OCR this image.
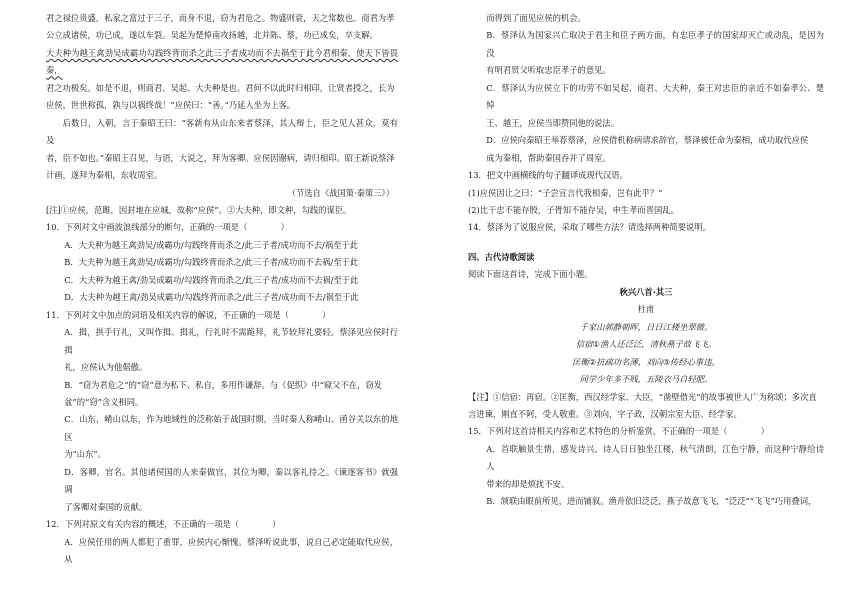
君之禄位贵盛，私家之富过于三子，而身不退，窃为君危之。物盛则衰，天之常数也。商君为孝

公立成诸侯，功已成，遂以车裂。吴起为楚悼南攻扬越，北并陈、蔡，功已成矣，卒支解。

大夫种为越王禽劲吴成霸功勾践终背而杀之此三子者成功而不去祸至于此今君相秦，使天下皆畏秦，

君之功极矣。如是不退，则商君、吴起、大夫种是也。君何不以此时归相印，让贤者授之，长为

应侯，世世称孤，孰与以祸终哉！”应侯曰：“善。”乃延入坐为上客。

后数日，入朝，言于秦昭王曰：“客新有从山东来者蔡泽，其人辩士，臣之见人甚众，莫有及

者，臣不如也。”秦昭王召见，与语，大说之，拜为客卿。应侯因谢病，请归相印。昭王新说蔡泽

计画，遂拜为秦相，东收周室。

（节选自《战国策·秦策三》）

[注]①应侯，范雎，因封地在应城，故称“应侯”。②大夫种，即文种，勾践的谋臣。

10．下列对文中画波浪线部分的断句，正确的一项是（　　　　）

A．大夫种为越王禽劲吴/成霸功/勾践终背而杀之/此三子者/成功而不去/祸至于此

B．大夫种为越王禽劲吴/成霸功/勾践终背而杀之/此三子者/成功而不去祸/至于此

C．大夫种为越王禽/劲吴成霸功/勾践终背而杀之/此三子者/成功而不去祸/至于此

D．大夫种为越王禽/劲吴成霸功/勾践终背而杀之/此三子者/成功而不去/祸至于此

11．下列对文中加点的词语及相关内容的解说，不正确的一项是（　　　　）

A．揖，拱手行礼，又叫作揖、揖礼，行礼时不需跪拜，礼节较拜礼要轻。蔡泽见应侯时行揖

礼，应侯认为他倨傲。

B．“窃为君危之”的“窃”意为私下、私自，多用作谦辞。与《促织》中“窥父不在，窃发

盆”的“窃”含义相同。

C．山东，崤山以东，作为地域性的泛称始于战国时期，当时秦人称崤山、函谷关以东的地区

为“山东”。

D．客卿，官名。其他诸侯国的人来秦做官，其位为卿，秦以客礼待之。《谏逐客书》就强调

了客卿对秦国的贡献。

12．下列对原文有关内容的概述，不正确的一项是（　　　　）

A．应侯任用的两人都犯了重罪，应侯内心惭愧。蔡泽听说此事，说自己必定能取代应侯，从

而得到了面见应侯的机会。

B．蔡泽认为国家兴亡取决于君主和臣子两方面，有忠臣孝子的国家却灭亡或动乱，是因为没

有明君贤父听取忠臣孝子的意见。

C．蔡泽认为应侯立下的功劳不如吴起、商君、大夫种，秦王对忠臣的亲近不如秦孝公、楚悼

王、越王，应侯当即赞同他的说法。

D．应侯向秦昭王举荐蔡泽，应侯借机称病请求辞官，蔡泽被任命为秦相，成功取代应侯

成为秦相，帮助秦国吞并了周室。

13．把文中画横线的句子翻译成现代汉语。

(1)应侯因让之曰：“子尝宣言代我相秦，岂有此乎？”

(2)比干忠不能存殷，子胥知不能存吴，申生孝而晋国乱。

14．蔡泽为了说服应侯，采取了哪些方法？请选择两种简要说明。

四、古代诗歌阅读

阅读下面这首诗，完成下面小题。

秋兴八首·其三

杜甫

千家山郭静朝晖，日日江楼坐翠微。

信宿①渔人还泛泛，清秋燕子故飞飞。

匡衡②抗疏功名薄，刘向③传经心事违。

同学少年多不贱，五陵衣马自轻肥。

【注】①信宿：再宿。②匡衡，西汉经学家、大臣，“凿壁借光”的故事被世人广为称颂；多次直

言进谏，刚直不阿，受人敬重。③刘向，字子政，汉朝宗室大臣、经学家。

15．下列对这首诗相关内容和艺术特色的分析鉴赏，不正确的一项是（　　　　）

A．首联触景生情，感发诗兴。诗人日日独坐江楼，秋气清朗，江色宁静，而这种宁静给诗人

带来的却是烦扰不安。

B．颔联由眼前所见，进而铺叙。渔舟依旧泛泛，燕子故意飞飞，“泛泛”“飞飞”巧用叠词，
